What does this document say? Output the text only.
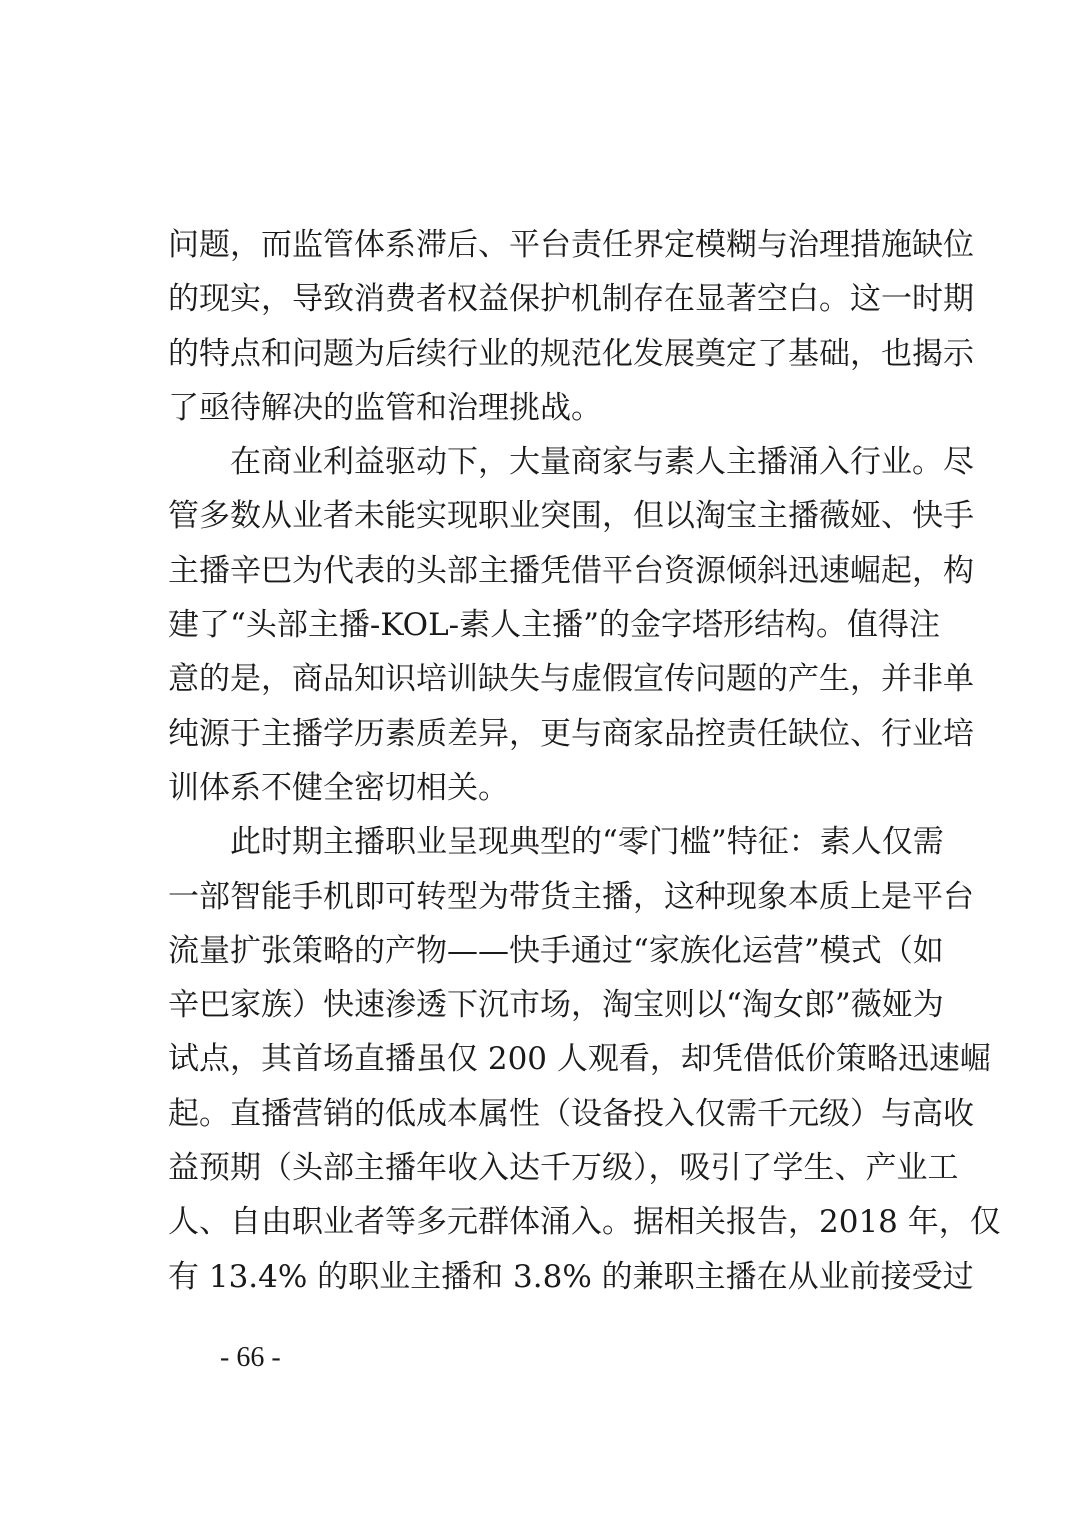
问题，而监管体系滞后、平台责任界定模糊与治理措施缺位
的现实，导致消费者权益保护机制存在显著空白。这一时期
的特点和问题为后续行业的规范化发展奠定了基础，也揭示
了亟待解决的监管和治理挑战。
在商业利益驱动下，大量商家与素人主播涌入行业。尽
管多数从业者未能实现职业突围，但以淘宝主播薇娅、快手
主播辛巴为代表的头部主播凭借平台资源倾斜迅速崛起，构
建了“头部主播-KOL-素人主播”的金字塔形结构。值得注
意的是，商品知识培训缺失与虚假宣传问题的产生，并非单
纯源于主播学历素质差异，更与商家品控责任缺位、行业培
训体系不健全密切相关。
此时期主播职业呈现典型的“零门槛”特征：素人仅需
一部智能手机即可转型为带货主播，这种现象本质上是平台
流量扩张策略的产物——快手通过“家族化运营”模式（如
辛巴家族）快速渗透下沉市场，淘宝则以“淘女郎”薇娅为
试点，其首场直播虽仅 200 人观看，却凭借低价策略迅速崛
起。直播营销的低成本属性（设备投入仅需千元级）与高收
益预期（头部主播年收入达千万级），吸引了学生、产业工
人、自由职业者等多元群体涌入。据相关报告，2018 年，仅
有 13.4% 的职业主播和 3.8% 的兼职主播在从业前接受过
- 66 -
